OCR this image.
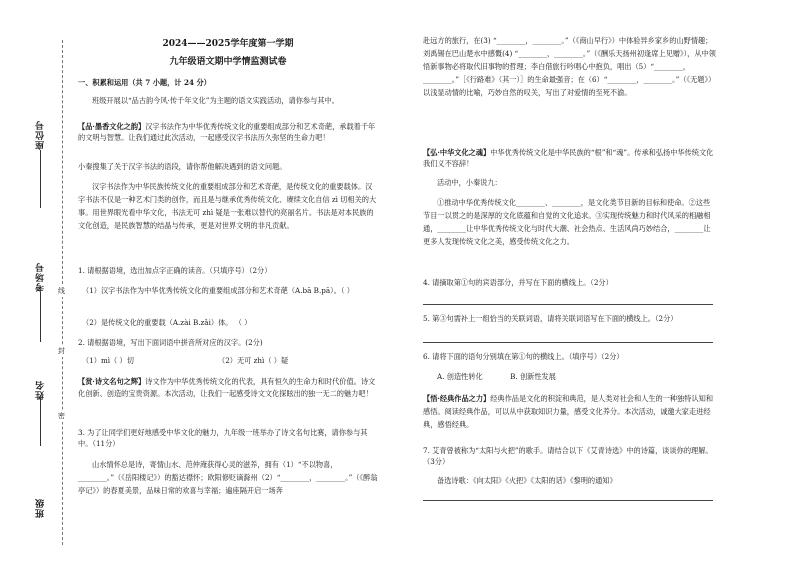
座位号
考场号
姓名
班级
线
封
密
2024——2025学年度第一学期
九年级语文期中学情监测试卷

一、积累和运用（共 7 小题，计 24 分）

班级开展以“品古韵今风·传千年文化”为主题的语文实践活动，请你参与其中。

【品·墨香文化之韵】汉字书法作为中华优秀传统文化的重要组成部分和艺术奇葩，承载着千年的文明与智慧。让我们通过此次活动，一起感受汉字书法历久弥坚的生命力吧！

小秦搜集了关于汉字书法的语段，请你帮他解决遇到的语文问题。

汉字书法作为中华民族传统文化的重要组成部分和艺术奇葩，是传统文化的重要载体。汉字书法不仅是一种艺术门类的创作，而且是与继承优秀传统文化、赓续文化自信 zì 切相关的大事。用世界眼光看中华文化，书法无可 zhì 疑是一张难以替代的亮丽名片。书法是对本民族的文化创造，是民族智慧的结晶与传承，更是对世界文明的非凡贡献。

1. 请根据语境，选出加点字正确的读音。（只填序号）（2分）

（1）汉字书法作为中华优秀传统文化的重要组成部分和艺术奇葩（A.bā B.pā）。（ ）

（2）是传统文化的重要载（A.zài B.zǎi）体。 （ ）

2. 请根据语境，写出下面词语中拼音所对应的汉字。(2分)

（1）mì（ ）切	（2）无可 zhì（ ）疑

【赏·诗文名句之辉】诗文作为中华优秀传统文化的代表，具有恒久的生命力和时代价值。诗文化创新、创造的宝贵资源。本次活动，让我们一起感受诗文文化探眩出的独一无二的魅力吧！

3. 为了让同学们更好地感受中华文化的魅力，九年级一班举办了诗文名句比赛，请你参与其中。（11分）

山水情怀总是诗，寄情山水、范仲淹获得心灵的滋养，拥有（1）“不以物喜，________。”（《岳阳楼记》）的豁达襟怀；欧阳修贬谪滁州（2）“________，________。”（《醉翁亭记》）的春夏美景，品味日常的欢喜与幸福；遍座隔开启一场奔

赴远方的旅行，在(3) “________，________。”（《商山早行》）中体验异乡家乡的山野情趣；刘禹锡在巴山楚水中感慨(4) “________，________。”（《酬乐天扬州初逢席上见赠》），从中领悟新事物必将取代旧事物的哲理；李白借旅行吟唱心中抱负，唱出（5）“________，________。”［《行路难》（其一）］的生命最强音；在（6）“________，________。”（《无题》）以浅显动情的比喻，巧妙自然的叹关，写出了对爱情的至死不渝。

【弘·中华文化之魂】中华优秀传统文化是中华民族的“根”和“魂”。传承和弘扬中华传统文化我们义不容辞！

活动中，小秦说九：

①推动中华优秀传统文化________、________，是文化类节目新的目标和使命。②这些节目一以贯之的是深厚的文化底蕴和自觉的文化追求。③实现传统魅力和时代风采的相融相通，________让中华优秀传统文化与时代大潮、社会热点、生活风尚巧妙结合，________让更多人发现传统文化之美，感受传统文化之力。

4. 请摘取第①句的宾语部分，并写在下面的横线上。（2分）

5. 第③句需补上一组恰当的关联词语，请将关联词语写在下面的横线上。（2分）

6. 请将下面的语句分别填在第①句的横线上。（填序号）（2分）

A. 创造性转化            B. 创新性发展

【悟·经典作品之力】经典作品是文化的积淀和典范，是人类对社会和人生的一种独特认知和感悟。阅读经典作品，可以从中获取知识力量，感受文化养分。本次活动，诚邀大家走进经典，感悟经典。

7. 艾青曾被称为“太阳与火把”的歌手。请结合以下《艾青诗选》中的诗篇，谈谈你的理解。（3分）

备选诗歌：《向太阳》《火把》《太阳的话》《黎明的通知》
